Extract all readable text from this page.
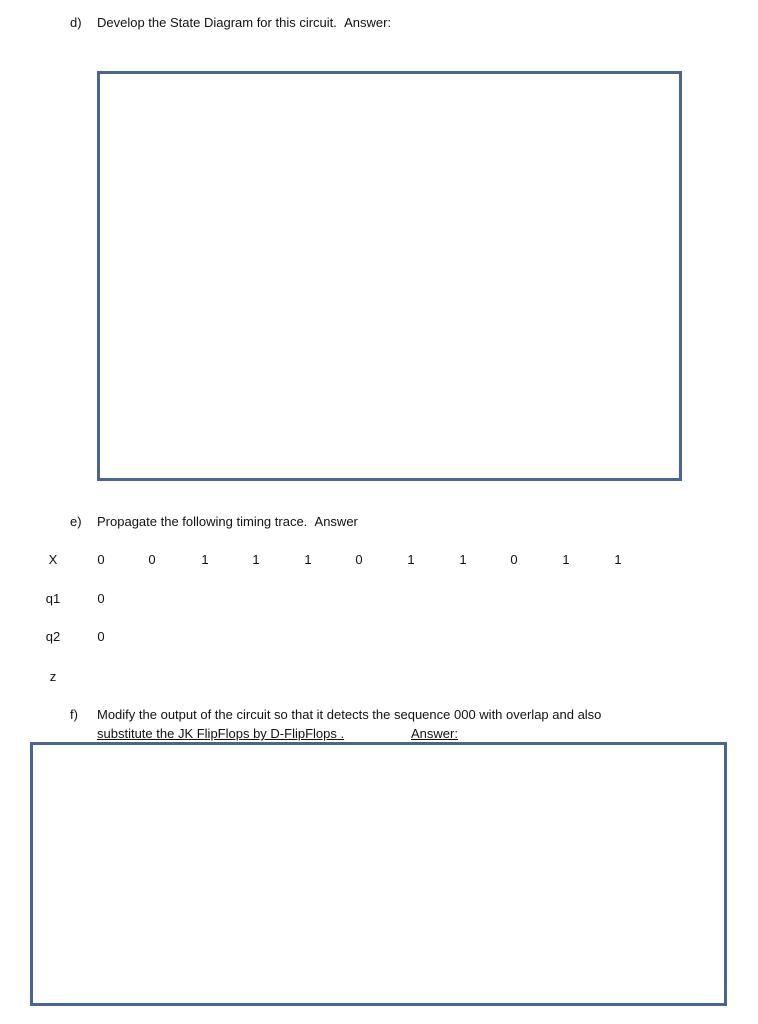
d) Develop the State Diagram for this circuit. Answer:
e) Propagate the following timing trace. Answer
X	0	0	1	1	1	0	1	1	0	1	1
q1	0
q2	0
z
f) Modify the output of the circuit so that it detects the sequence 000 with overlap and also
substitute the JK FlipFlops by D-FlipFlops .	Answer:
